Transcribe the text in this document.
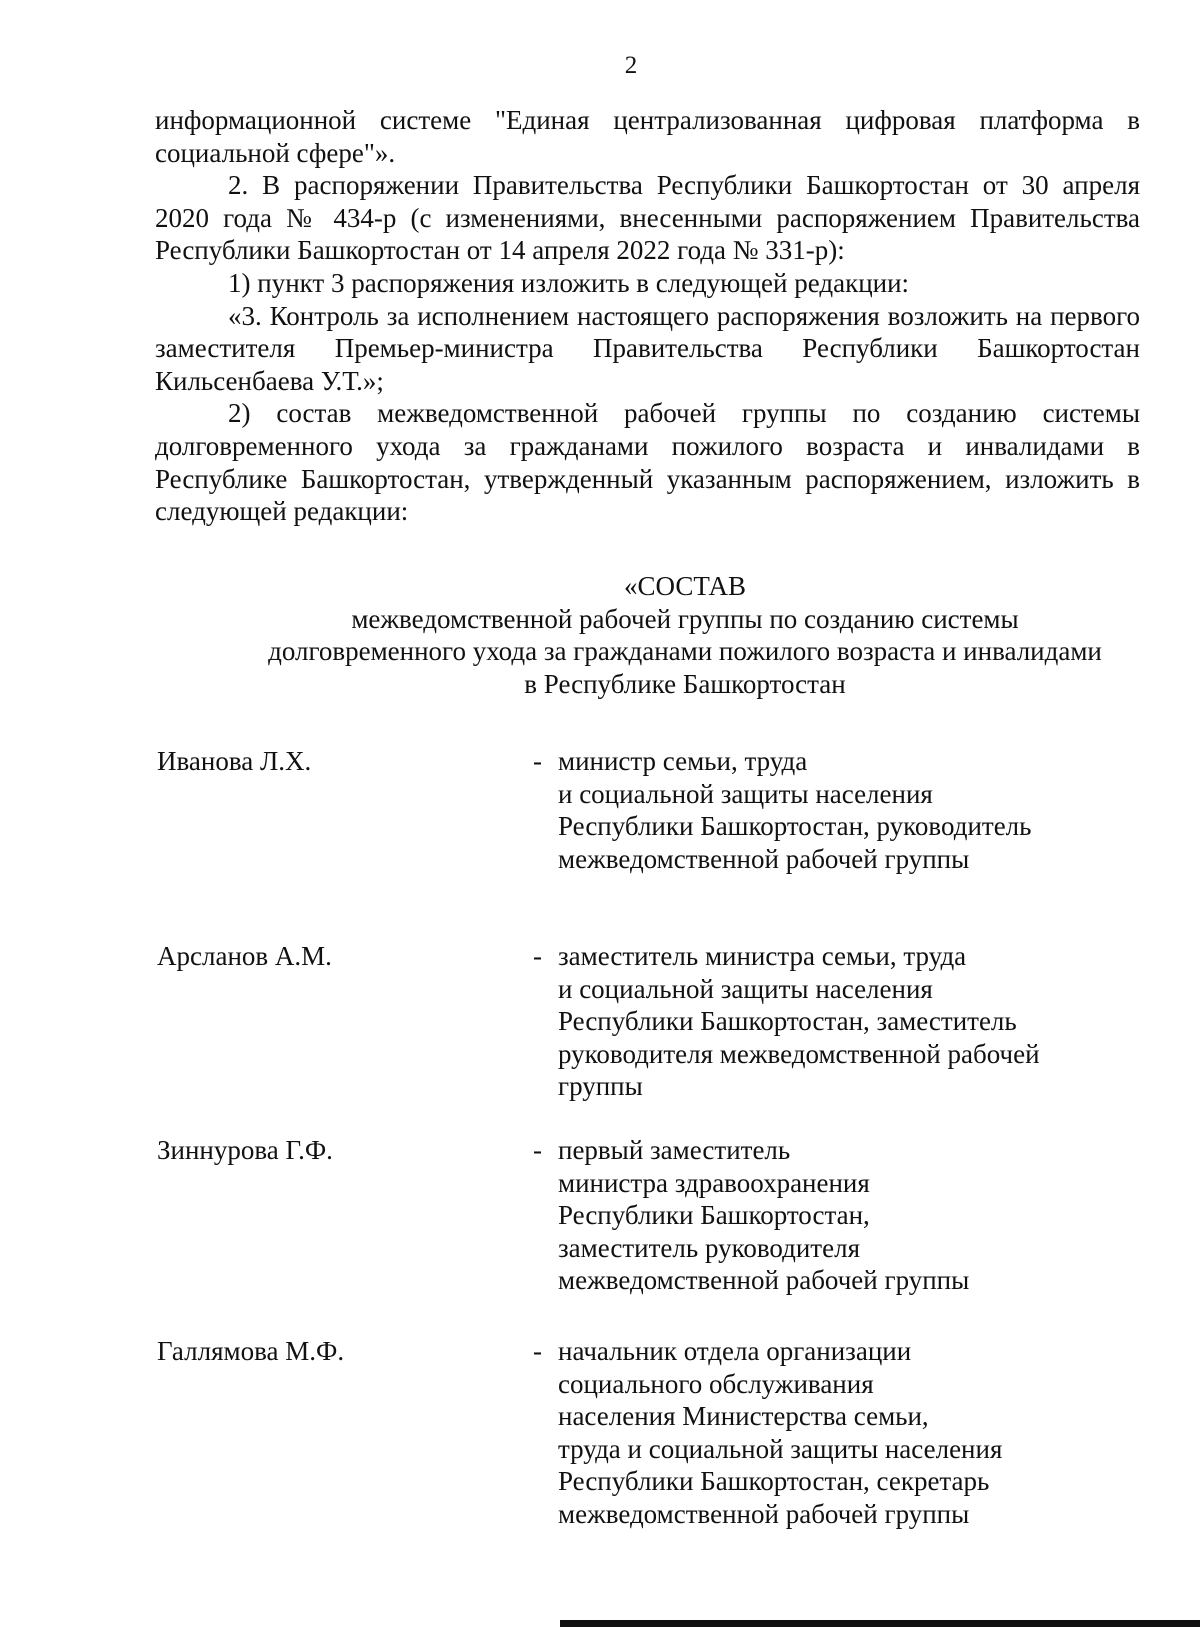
2

информационной системе "Единая централизованная цифровая платформа в социальной сфере"».

2. В распоряжении Правительства Республики Башкортостан от 30 апреля 2020 года № 434-р (с изменениями, внесенными распоряжением Правительства Республики Башкортостан от 14 апреля 2022 года № 331-р):

1) пункт 3 распоряжения изложить в следующей редакции:

«3. Контроль за исполнением настоящего распоряжения возложить на первого заместителя Премьер-министра Правительства Республики Башкортостан Кильсенбаева У.Т.»;

2) состав межведомственной рабочей группы по созданию системы долговременного ухода за гражданами пожилого возраста и инвалидами в Республике Башкортостан, утвержденный указанным распоряжением, изложить в следующей редакции:

«СОСТАВ
межведомственной рабочей группы по созданию системы
долговременного ухода за гражданами пожилого возраста и инвалидами
в Республике Башкортостан
Иванова Л.Х.	- министр семьи, труда
и социальной защиты населения
Республики Башкортостан, руководитель
межведомственной рабочей группы
Арсланов А.М.	- заместитель министра семьи, труда
и социальной защиты населения
Республики Башкортостан, заместитель
руководителя межведомственной рабочей
группы
Зиннурова Г.Ф.	- первый заместитель
министра здравоохранения
Республики Башкортостан,
заместитель руководителя
межведомственной рабочей группы
Галлямова М.Ф.	- начальник отдела организации
социального обслуживания
населения Министерства семьи,
труда и социальной защиты населения
Республики Башкортостан, секретарь
межведомственной рабочей группы
